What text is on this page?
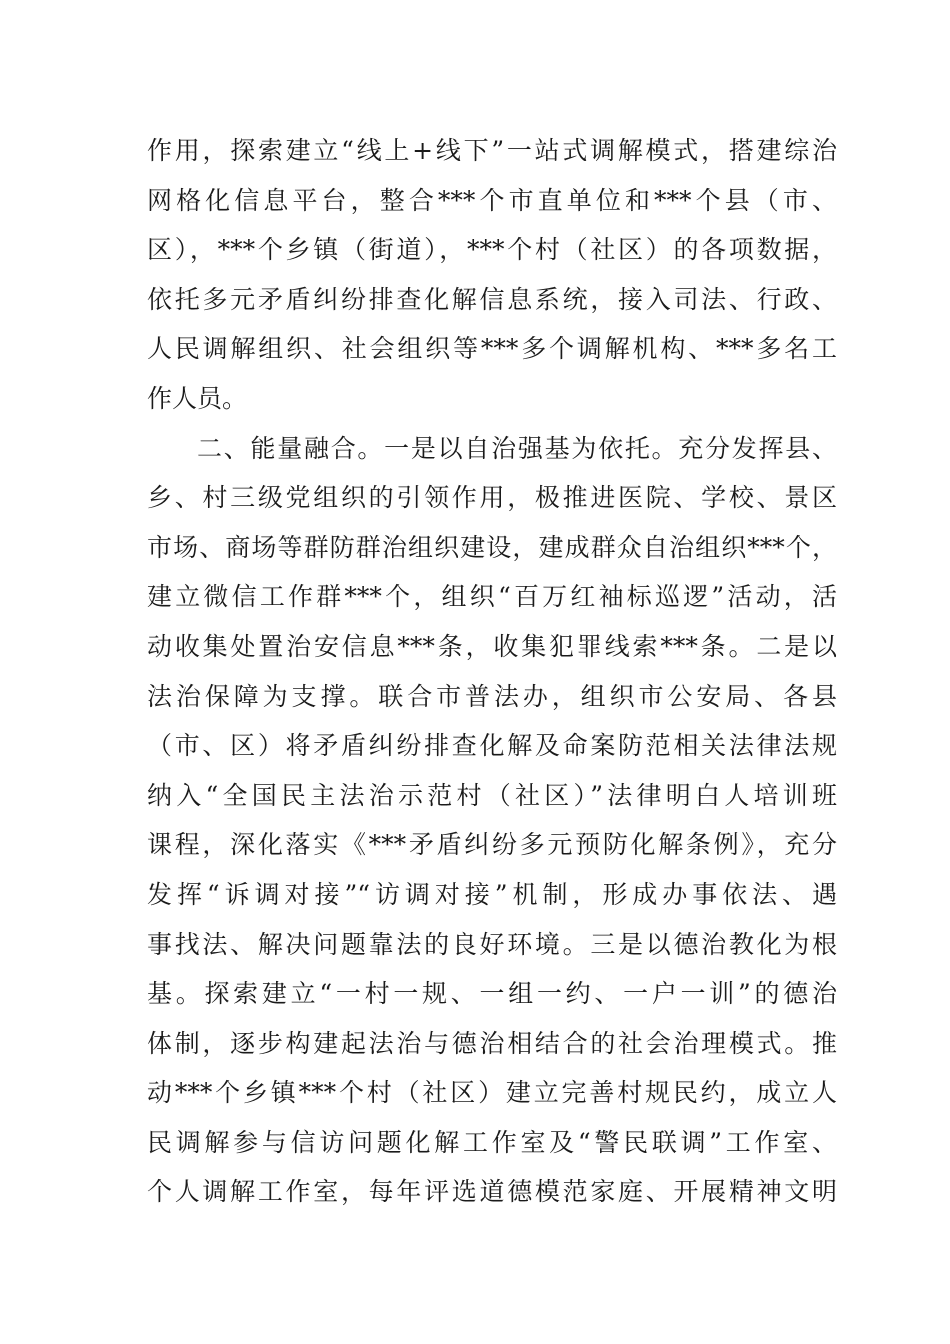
作用，探索建立“线上+线下”一站式调解模式，搭建综治
网格化信息平台，整合***个市直单位和***个县（市、
区），***个乡镇（街道），***个村（社区）的各项数据，
依托多元矛盾纠纷排查化解信息系统，接入司法、行政、
人民调解组织、社会组织等***多个调解机构、***多名工
作人员。
二、能量融合。一是以自治强基为依托。充分发挥县、
乡、村三级党组织的引领作用，极推进医院、学校、景区
市场、商场等群防群治组织建设，建成群众自治组织***个，
建立微信工作群***个，组织“百万红袖标巡逻”活动，活
动收集处置治安信息***条，收集犯罪线索***条。二是以
法治保障为支撑。联合市普法办，组织市公安局、各县
（市、区）将矛盾纠纷排查化解及命案防范相关法律法规
纳入“全国民主法治示范村（社区）”法律明白人培训班
课程，深化落实《***矛盾纠纷多元预防化解条例》，充分
发挥“诉调对接”“访调对接”机制，形成办事依法、遇
事找法、解决问题靠法的良好环境。三是以德治教化为根
基。探索建立“一村一规、一组一约、一户一训”的德治
体制，逐步构建起法治与德治相结合的社会治理模式。推
动***个乡镇***个村（社区）建立完善村规民约，成立人
民调解参与信访问题化解工作室及“警民联调”工作室、
个人调解工作室，每年评选道德模范家庭、开展精神文明
